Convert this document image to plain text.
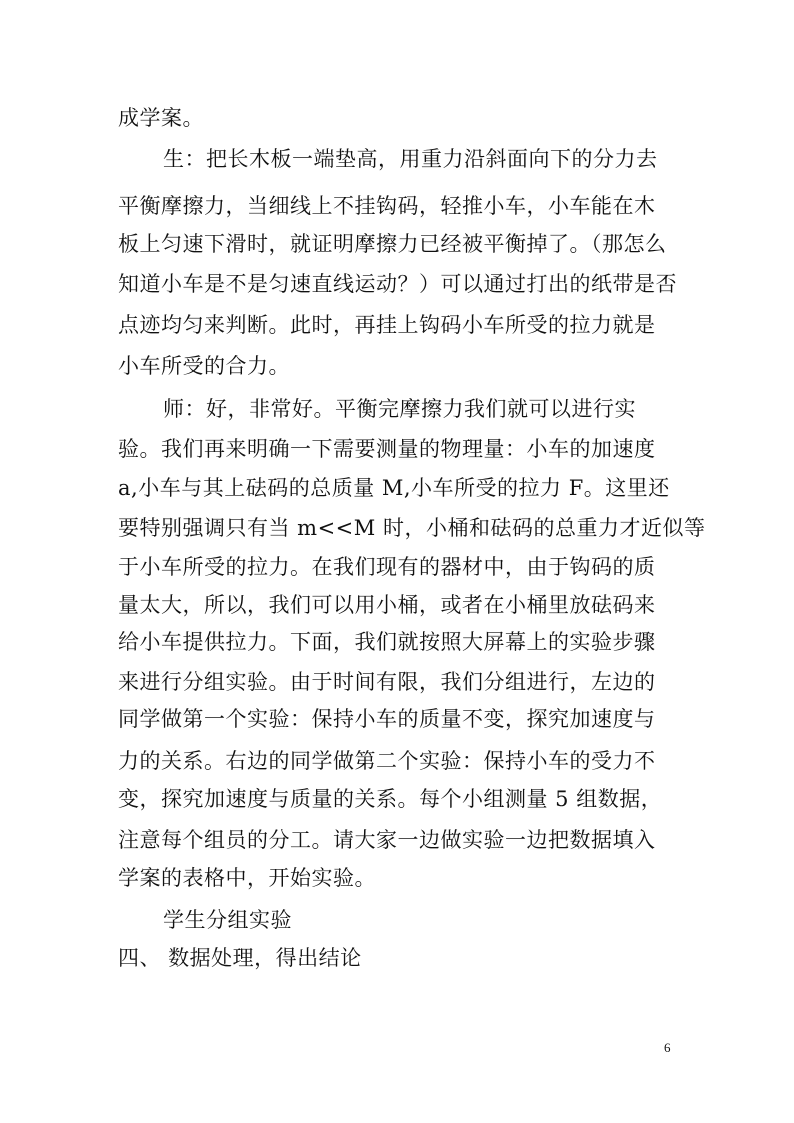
成学案。
生：把长木板一端垫高，用重力沿斜面向下的分力去
平衡摩擦力，当细线上不挂钩码，轻推小车，小车能在木
板上匀速下滑时，就证明摩擦力已经被平衡掉了。（那怎么
知道小车是不是匀速直线运动？）可以通过打出的纸带是否
点迹均匀来判断。此时，再挂上钩码小车所受的拉力就是
小车所受的合力。
师：好，非常好。平衡完摩擦力我们就可以进行实
验。我们再来明确一下需要测量的物理量：小车的加速度
a,小车与其上砝码的总质量 M,小车所受的拉力 F。这里还
要特别强调只有当 m<<M 时，小桶和砝码的总重力才近似等
于小车所受的拉力。在我们现有的器材中，由于钩码的质
量太大，所以，我们可以用小桶，或者在小桶里放砝码来
给小车提供拉力。下面，我们就按照大屏幕上的实验步骤
来进行分组实验。由于时间有限，我们分组进行，左边的
同学做第一个实验：保持小车的质量不变，探究加速度与
力的关系。右边的同学做第二个实验：保持小车的受力不
变，探究加速度与质量的关系。每个小组测量 5 组数据，
注意每个组员的分工。请大家一边做实验一边把数据填入
学案的表格中，开始实验。
学生分组实验
四、 数据处理，得出结论
6
